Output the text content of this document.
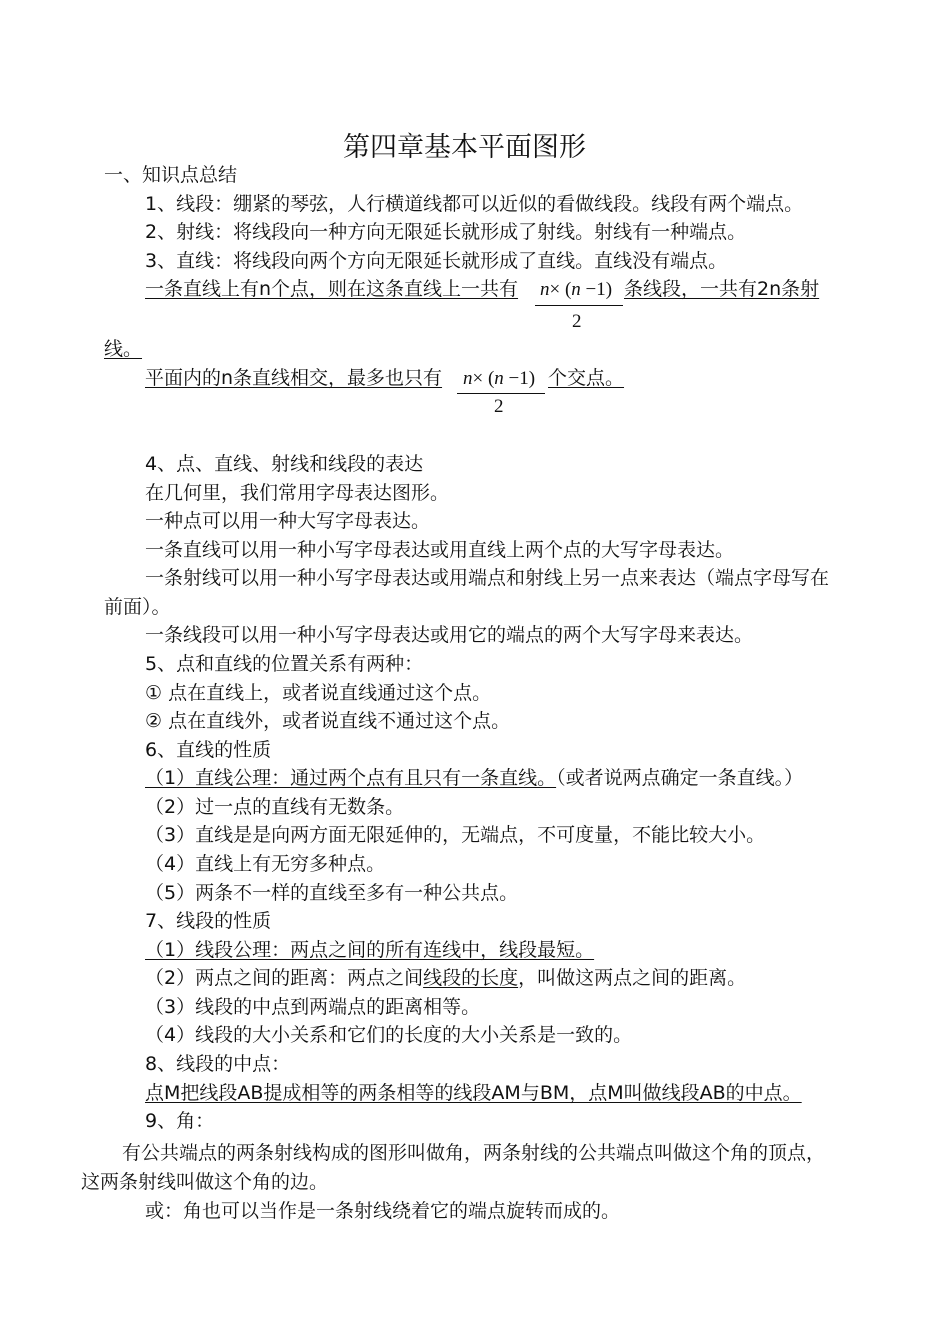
第四章基本平面图形
一、知识点总结
1、线段：绷紧的琴弦，人行横道线都可以近似的看做线段。线段有两个端点。
2、射线：将线段向一种方向无限延长就形成了射线。射线有一种端点。
3、直线：将线段向两个方向无限延长就形成了直线。直线没有端点。
一条直线上有n个点，则在这条直线上一共有 n× (n −1)
2
条线段，一共有2n条射
线。
平面内的n条直线相交，最多也只有 n× (n −1)
2
个交点。
4、点、直线、射线和线段的表达
在几何里，我们常用字母表达图形。
一种点可以用一种大写字母表达。
一条直线可以用一种小写字母表达或用直线上两个点的大写字母表达。
一条射线可以用一种小写字母表达或用端点和射线上另一点来表达（端点字母写在
前面）。
一条线段可以用一种小写字母表达或用它的端点的两个大写字母来表达。
5、点和直线的位置关系有两种：
① 点在直线上，或者说直线通过这个点。
② 点在直线外，或者说直线不通过这个点。
6、直线的性质
（1）直线公理：通过两个点有且只有一条直线。（或者说两点确定一条直线。）
（2）过一点的直线有无数条。
（3）直线是是向两方面无限延伸的，无端点，不可度量，不能比较大小。
（4）直线上有无穷多种点。
（5）两条不一样的直线至多有一种公共点。
7、线段的性质
（1）线段公理：两点之间的所有连线中，线段最短。
（2）两点之间的距离：两点之间线段的长度，叫做这两点之间的距离。
（3）线段的中点到两端点的距离相等。
（4）线段的大小关系和它们的长度的大小关系是一致的。
8、线段的中点：
点M把线段AB提成相等的两条相等的线段AM与BM，点M叫做线段AB的中点。
9、角：
有公共端点的两条射线构成的图形叫做角，两条射线的公共端点叫做这个角的顶点，
这两条射线叫做这个角的边。
或：角也可以当作是一条射线绕着它的端点旋转而成的。
